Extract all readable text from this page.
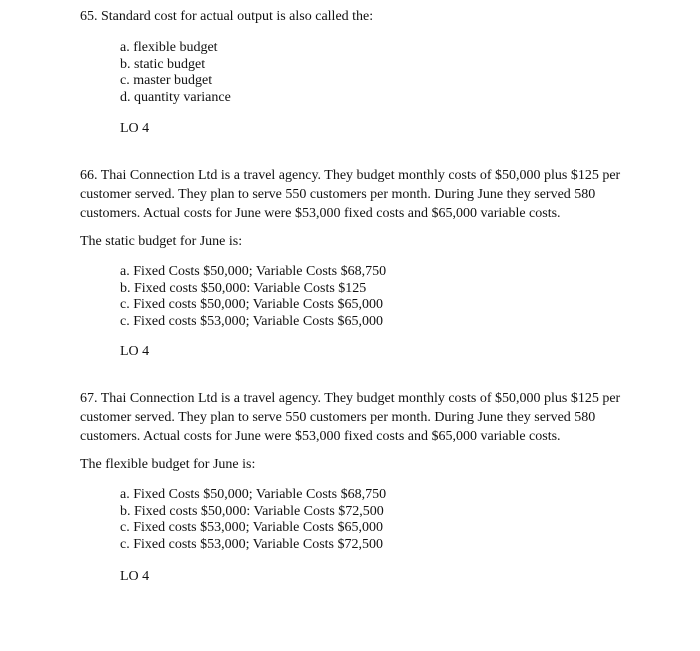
65. Standard cost for actual output is also called the:

a. flexible budget
b. static budget
c. master budget
d. quantity variance

LO 4

66. Thai Connection Ltd is a travel agency. They budget monthly costs of $50,000 plus $125 per customer served. They plan to serve 550 customers per month. During June they served 580 customers. Actual costs for June were $53,000 fixed costs and $65,000 variable costs.

The static budget for June is:

a. Fixed Costs $50,000; Variable Costs $68,750
b. Fixed costs $50,000: Variable Costs $125
c. Fixed costs $50,000; Variable Costs $65,000
c. Fixed costs $53,000; Variable Costs $65,000

LO 4

67. Thai Connection Ltd is a travel agency. They budget monthly costs of $50,000 plus $125 per customer served. They plan to serve 550 customers per month. During June they served 580 customers. Actual costs for June were $53,000 fixed costs and $65,000 variable costs.

The flexible budget for June is:

a. Fixed Costs $50,000; Variable Costs $68,750
b. Fixed costs $50,000: Variable Costs $72,500
c. Fixed costs $53,000; Variable Costs $65,000
c. Fixed costs $53,000; Variable Costs $72,500

LO 4
